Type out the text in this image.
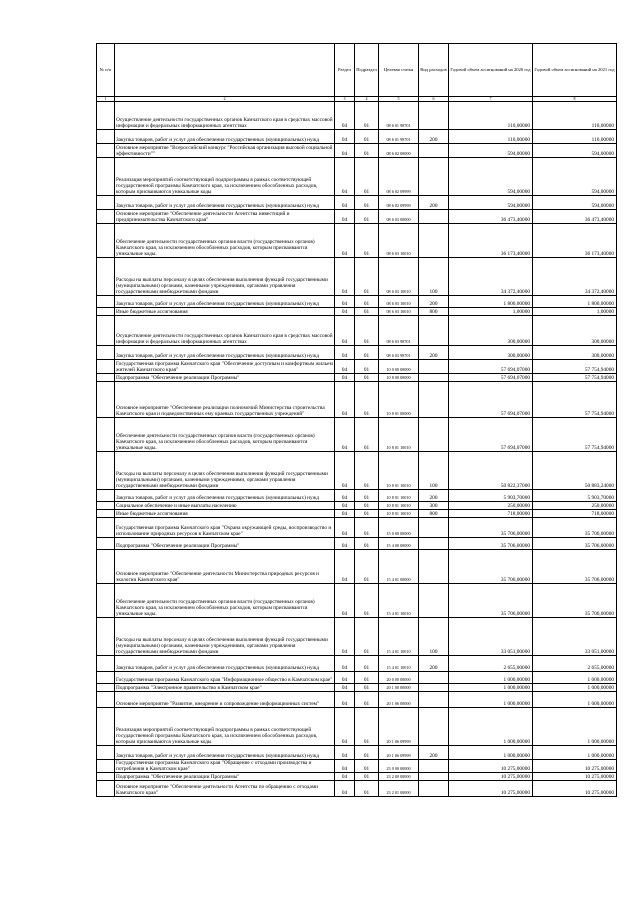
№ п/п		Раздел	Подраздел	Целевая статья	Вид расходов	Годовой объем ассигнований на 2020 год	Годовой объем ассигнований на 2021 год
1	2	3	4	5	6	7	8
	Осуществление деятельности государственных органов Камчатского края в средствах массовой информации и федеральных информационных агентствах	04	01	08 6 01 98701		110,00000	110,00000
	Закупка товаров, работ и услуг для обеспечения государственных (муниципальных) нужд	04	01	08 6 01 98701	200	110,00000	110,00000
	Основное мероприятие "Всероссийский конкурс "Российская организация высокой социальной эффективности""	04	01	08 6 02 00000		594,00000	594,00000
	Реализация мероприятий соответствующей подпрограммы в рамках соответствующей государственной программы Камчатского края, за исключением обособленных расходов, которым присваиваются уникальные коды	04	01	08 6 02 09999		594,00000	594,00000
	Закупка товаров, работ и услуг для обеспечения государственных (муниципальных) нужд	04	01	08 6 02 09999	200	594,00000	594,00000
	Основное мероприятие "Обеспечение деятельности Агентства инвестиций и предпринимательства Камчатского края"	04	01	08 6 03 00000		36 473,40000	36 473,40000
	Обеспечение деятельности государственных органов власти (государственных органов) Камчатского края, за исключением обособленных расходов, которым присваиваются уникальные коды.	04	01	08 6 03 10010		36 173,40000	36 173,40000
	Расходы на выплаты персоналу в целях обеспечения выполнения функций государственными (муниципальными) органами, казенными учреждениями, органами управления государственными внебюджетными фондами	04	01	08 6 03 10010	100	34 372,40000	34 372,40000
	Закупка товаров, работ и услуг для обеспечения государственных (муниципальных) нужд	04	01	08 6 03 10010	200	1 800,00000	1 800,00000
	Иные бюджетные ассигнования	04	01	08 6 03 10010	800	1,00000	1,00000
	Осуществление деятельности государственных органов Камчатского края в средствах массовой информации и федеральных информационных агентствах	04	01	08 6 03 98701		300,00000	300,00000
	Закупка товаров, работ и услуг для обеспечения государственных (муниципальных) нужд	04	01	08 6 03 98701	200	300,00000	300,00000
	Государственная программа Камчатского края "Обеспечение доступным и комфортным жильем жителей Камчатского края"	04	01	10 0 00 00000		57 694,07000	57 754,94000
	Подпрограмма "Обеспечение реализации Программы"	04	01	10 8 00 00000		57 694,07000	57 754,94000
	Основное мероприятие "Обеспечение реализации полномочий Министерства строительства Камчатского края и подведомственных ему краевых государственных учреждений"	04	01	10 8 01 00000		57 694,07000	57 754,94000
	Обеспечение деятельности государственных органов власти (государственных органов) Камчатского края, за исключением обособленных расходов, которым присваиваются уникальные коды.	04	01	10 8 01 10010		57 694,07000	57 754,94000
	Расходы на выплаты персоналу в целях обеспечения выполнения функций государственными (муниципальными) органами, казенными учреждениями, органами управления государственными внебюджетными фондами	04	01	10 8 01 10010	100	50 822,37000	50 883,24000
	Закупка товаров, работ и услуг для обеспечения государственных (муниципальных) нужд	04	01	10 8 01 10010	200	5 903,70000	5 903,70000
	Социальное обеспечение и иные выплаты населению	04	01	10 8 01 10010	300	250,00000	250,00000
	Иные бюджетные ассигнования	04	01	10 8 01 10010	800	718,00000	718,00000
	Государственная программа Камчатского края "Охрана окружающей среды, воспроизводство и использование природных ресурсов в Камчатском крае"	04	01	15 0 00 00000		35 706,00000	35 706,00000
	Подпрограмма "Обеспечение реализации Программы"	04	01	15 4 00 00000		35 706,00000	35 706,00000
	Основное мероприятие "Обеспечение деятельности Министерства природных ресурсов и экологии Камчатского края"	04	01	15 4 01 00000		35 706,00000	35 706,00000
	Обеспечение деятельности государственных органов власти (государственных органов) Камчатского края, за исключением обособленных расходов, которым присваиваются уникальные коды.	04	01	15 4 01 10010		35 706,00000	35 706,00000
	Расходы на выплаты персоналу в целях обеспечения выполнения функций государственными (муниципальными) органами, казенными учреждениями, органами управления государственными внебюджетными фондами	04	01	15 4 01 10010	100	33 051,00000	33 051,00000
	Закупка товаров, работ и услуг для обеспечения государственных (муниципальных) нужд	04	01	15 4 01 10010	200	2 655,00000	2 655,00000
	Государственная программа Камчатского края "Информационное общество в Камчатском крае"	04	01	20 0 00 00000		1 000,00000	1 000,00000
	Подпрограмма "Электронное правительство в Камчатском крае"	04	01	20 1 00 00000		1 000,00000	1 000,00000
	Основное мероприятие "Развитие, внедрение и сопровождение информационных систем"	04	01	20 1 06 00000		1 000,00000	1 000,00000
	Реализация мероприятий соответствующей подпрограммы в рамках соответствующей государственной программы Камчатского края, за исключением обособленных расходов, которым присваиваются уникальные коды	04	01	20 1 06 09999		1 000,00000	1 000,00000
	Закупка товаров, работ и услуг для обеспечения государственных (муниципальных) нужд	04	01	20 1 06 09999	200	1 000,00000	1 000,00000
	Государственная программа Камчатского края "Обращение с отходами производства и потребления в Камчатском крае"	04	01	23 0 00 00000		10 275,00000	10 275,00000
	Подпрограмма "Обеспечение реализации Программы"	04	01	23 2 00 00000		10 275,00000	10 275,00000
	Основное мероприятие "Обеспечение деятельности Агентства по обращению с отходами Камчатского края"	04	01	23 2 01 00000		10 275,00000	10 275,00000
